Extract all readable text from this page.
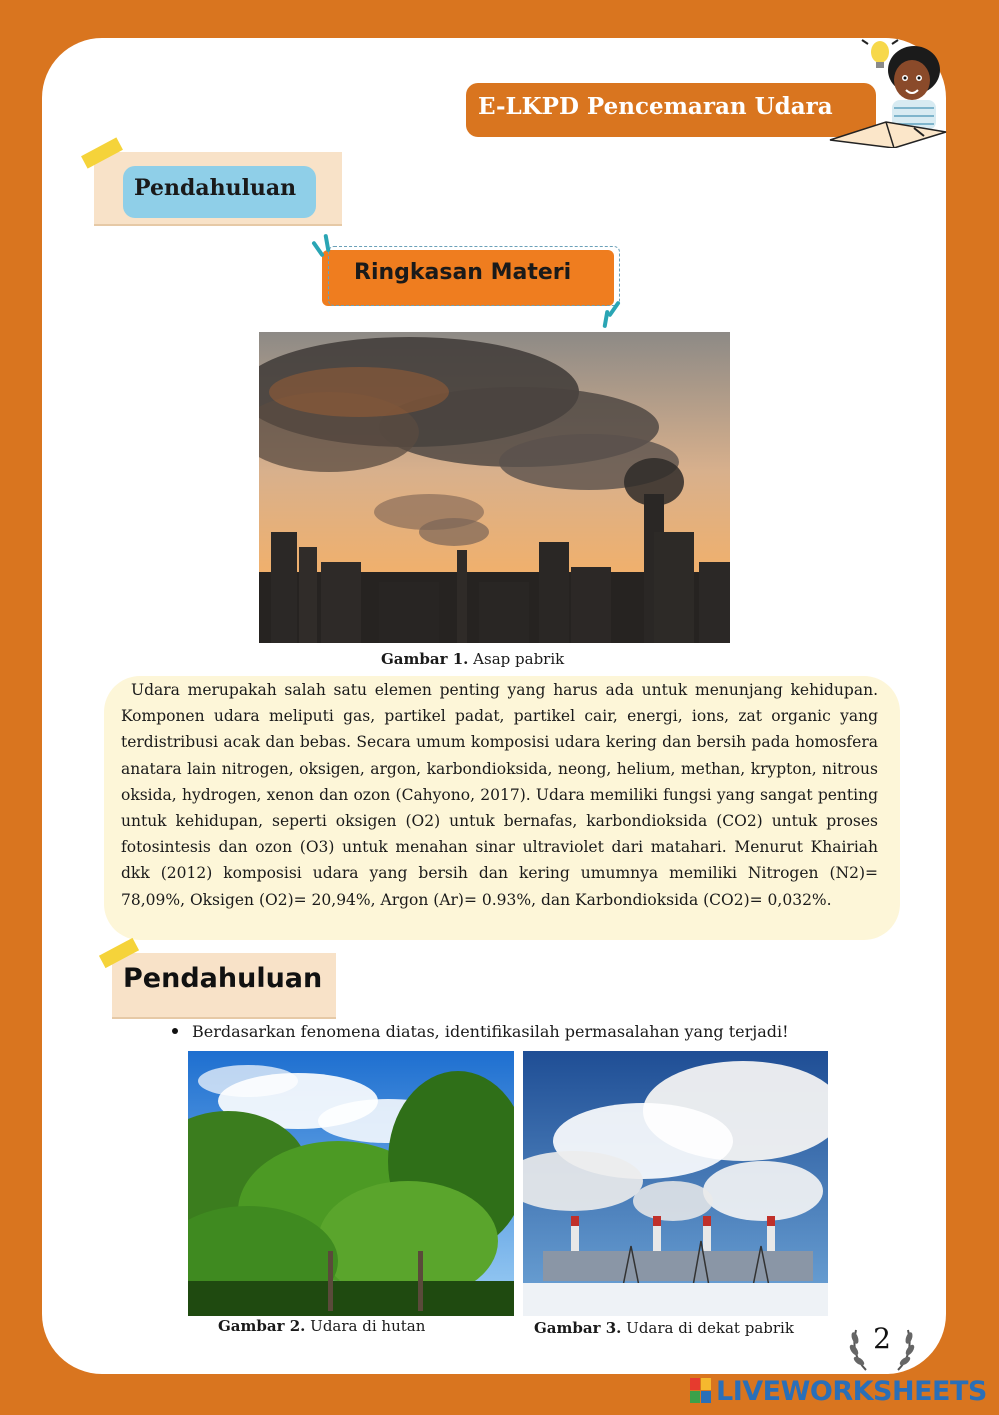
E-LKPD Pencemaran Udara
Pendahuluan
Ringkasan Materi
Gambar 1. Asap pabrik
Udara merupakah salah satu elemen penting yang harus ada untuk menunjang kehidupan. Komponen udara meliputi gas, partikel padat, partikel cair, energi, ions, zat organic yang terdistribusi acak dan bebas. Secara umum komposisi udara kering dan bersih pada homosfera anatara lain nitrogen, oksigen, argon, karbondioksida, neong, helium, methan, krypton, nitrous oksida, hydrogen, xenon dan ozon (Cahyono, 2017). Udara memiliki fungsi yang sangat penting untuk kehidupan, seperti oksigen (O2) untuk bernafas, karbondioksida (CO2) untuk proses fotosintesis dan ozon (O3) untuk menahan sinar ultraviolet dari matahari. Menurut Khairiah dkk (2012) komposisi udara yang bersih dan kering umumnya memiliki Nitrogen (N2)= 78,09%, Oksigen (O2)= 20,94%, Argon (Ar)= 0.93%, dan Karbondioksida (CO2)= 0,032%.
Pendahuluan
Berdasarkan fenomena diatas, identifikasilah permasalahan yang terjadi!
Gambar 2. Udara di hutan	Gambar 3. Udara di dekat pabrik	2
LIVEWORKSHEETS
